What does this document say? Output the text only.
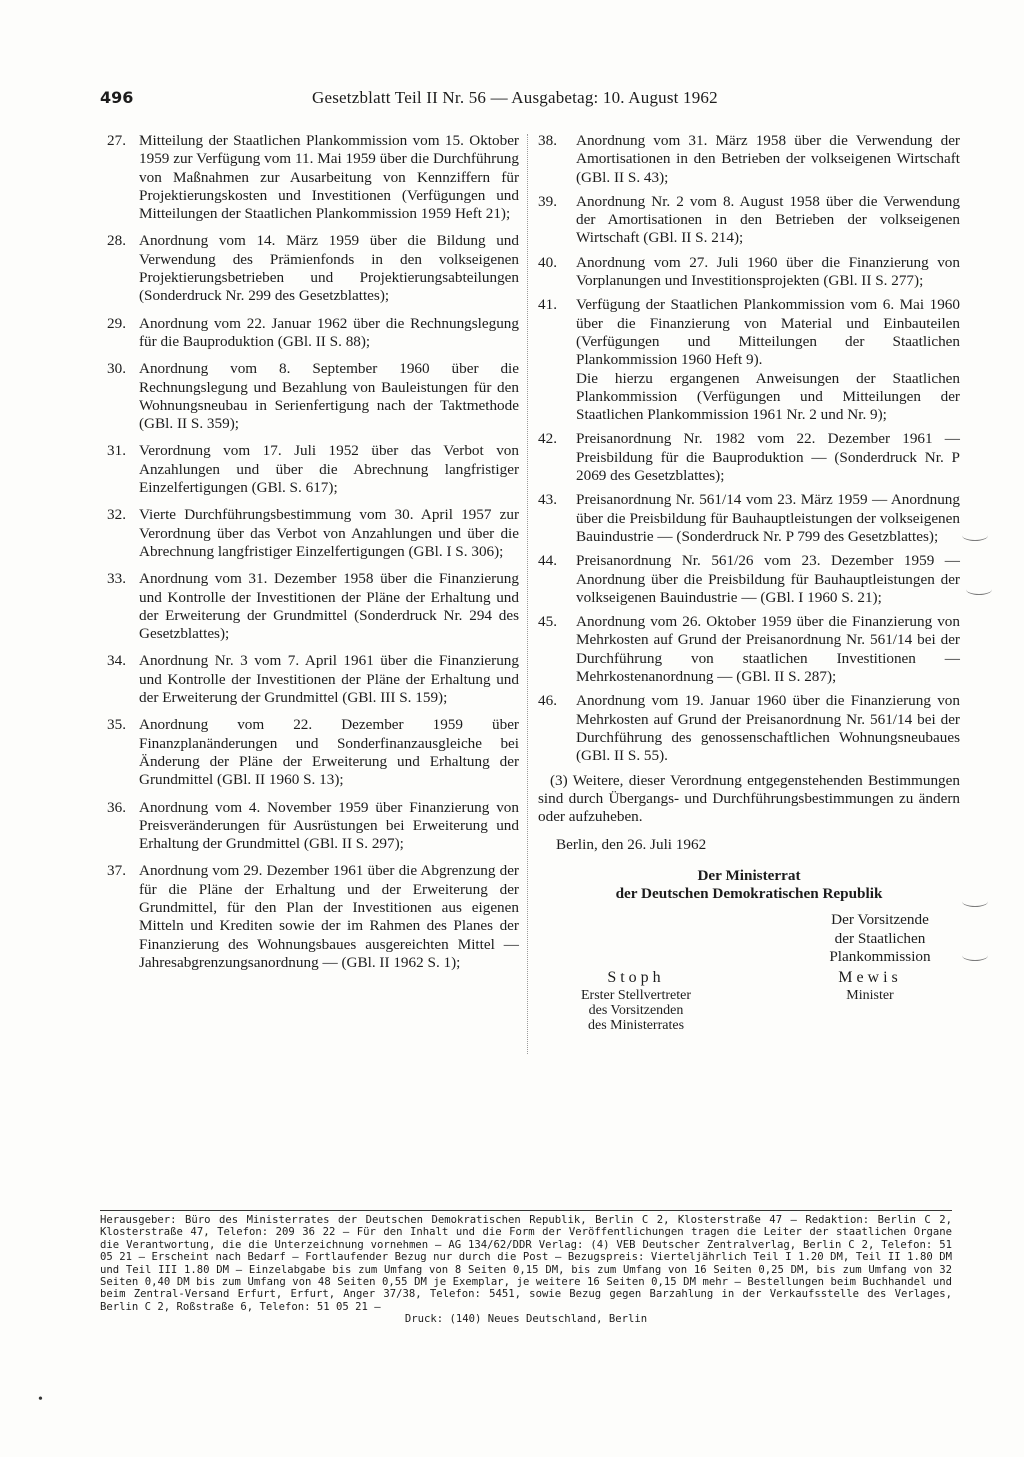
496	Gesetzblatt Teil II Nr. 56 — Ausgabetag: 10. August 1962
27. Mitteilung der Staatlichen Plankommission vom 15. Oktober 1959 zur Verfügung vom 11. Mai 1959 über die Durchführung von Maßnahmen zur Ausarbeitung von Kennziffern für Projektierungskosten und Investitionen (Verfügungen und Mitteilungen der Staatlichen Plankommission 1959 Heft 21);
28. Anordnung vom 14. März 1959 über die Bildung und Verwendung des Prämienfonds in den volkseigenen Projektierungsbetrieben und Projektierungsabteilungen (Sonderdruck Nr. 299 des Gesetzblattes);
29. Anordnung vom 22. Januar 1962 über die Rechnungslegung für die Bauproduktion (GBl. II S. 88);
30. Anordnung vom 8. September 1960 über die Rechnungslegung und Bezahlung von Bauleistungen für den Wohnungsneubau in Serienfertigung nach der Taktmethode (GBl. II S. 359);
31. Verordnung vom 17. Juli 1952 über das Verbot von Anzahlungen und über die Abrechnung langfristiger Einzelfertigungen (GBl. S. 617);
32. Vierte Durchführungsbestimmung vom 30. April 1957 zur Verordnung über das Verbot von Anzahlungen und über die Abrechnung langfristiger Einzelfertigungen (GBl. I S. 306);
33. Anordnung vom 31. Dezember 1958 über die Finanzierung und Kontrolle der Investitionen der Pläne der Erhaltung und der Erweiterung der Grundmittel (Sonderdruck Nr. 294 des Gesetzblattes);
34. Anordnung Nr. 3 vom 7. April 1961 über die Finanzierung und Kontrolle der Investitionen der Pläne der Erhaltung und der Erweiterung der Grundmittel (GBl. III S. 159);
35. Anordnung vom 22. Dezember 1959 über Finanzplanänderungen und Sonderfinanzausgleiche bei Änderung der Pläne der Erweiterung und Erhaltung der Grundmittel (GBl. II 1960 S. 13);
36. Anordnung vom 4. November 1959 über Finanzierung von Preisveränderungen für Ausrüstungen bei Erweiterung und Erhaltung der Grundmittel (GBl. II S. 297);
37. Anordnung vom 29. Dezember 1961 über die Abgrenzung der für die Pläne der Erhaltung und der Erweiterung der Grundmittel, für den Plan der Investitionen aus eigenen Mitteln und Krediten sowie der im Rahmen des Planes der Finanzierung des Wohnungsbaues ausgereichten Mittel — Jahresabgrenzungsanordnung — (GBl. II 1962 S. 1);
38.	Anordnung vom 31. März 1958 über die Verwendung der Amortisationen in den Betrieben der volkseigenen Wirtschaft (GBl. II S. 43);
39.	Anordnung Nr. 2 vom 8. August 1958 über die Verwendung der Amortisationen in den Betrieben der volkseigenen Wirtschaft (GBl. II S. 214);
40.	Anordnung vom 27. Juli 1960 über die Finanzierung von Vorplanungen und Investitionsprojekten (GBl. II S. 277);
41.	Verfügung der Staatlichen Plankommission vom 6. Mai 1960 über die Finanzierung von Material und Einbauteilen (Verfügungen und Mitteilungen der Staatlichen Plankommission 1960 Heft 9).
Die hierzu ergangenen Anweisungen der Staatlichen Plankommission (Verfügungen und Mitteilungen der Staatlichen Plankommission 1961 Nr. 2 und Nr. 9);
42.	Preisanordnung Nr. 1982 vom 22. Dezember 1961 — Preisbildung für die Bauproduktion — (Sonderdruck Nr. P 2069 des Gesetzblattes);
43.	Preisanordnung Nr. 561/14 vom 23. März 1959 — Anordnung über die Preisbildung für Bauhauptleistungen der volkseigenen Bauindustrie — (Sonderdruck Nr. P 799 des Gesetzblattes);
44.	Preisanordnung Nr. 561/26 vom 23. Dezember 1959 — Anordnung über die Preisbildung für Bauhauptleistungen der volkseigenen Bauindustrie — (GBl. I 1960 S. 21);
45.	Anordnung vom 26. Oktober 1959 über die Finanzierung von Mehrkosten auf Grund der Preisanordnung Nr. 561/14 bei der Durchführung von staatlichen Investitionen — Mehrkostenanordnung — (GBl. II S. 287);
46.	Anordnung vom 19. Januar 1960 über die Finanzierung von Mehrkosten auf Grund der Preisanordnung Nr. 561/14 bei der Durchführung des genossenschaftlichen Wohnungsneubaues (GBl. II S. 55).
(3) Weitere, dieser Verordnung entgegenstehenden Bestimmungen sind durch Übergangs- und Durchführungsbestimmungen zu ändern oder aufzuheben.
Berlin, den 26. Juli 1962
Der Ministerrat
der Deutschen Demokratischen Republik
Der Vorsitzende
der Staatlichen
Plankommission
Stoph
Erster Stellvertreter
des Vorsitzenden
des Ministerrates
Mewis
Minister
Herausgeber: Büro des Ministerrates der Deutschen Demokratischen Republik, Berlin C 2, Klosterstraße 47 — Redaktion: Berlin C 2, Klosterstraße 47, Telefon: 209 36 22 — Für den Inhalt und die Form der Veröffentlichungen tragen die Leiter der staatlichen Organe die Verantwortung, die die Unterzeichnung vornehmen — AG 134/62/DDR Verlag: (4) VEB Deutscher Zentralverlag, Berlin C 2, Telefon: 51 05 21 — Erscheint nach Bedarf — Fortlaufender Bezug nur durch die Post — Bezugspreis: Vierteljährlich Teil I 1.20 DM, Teil II 1.80 DM und Teil III 1.80 DM — Einzelabgabe bis zum Umfang von 8 Seiten 0,15 DM, bis zum Umfang von 16 Seiten 0,25 DM, bis zum Umfang von 32 Seiten 0,40 DM bis zum Umfang von 48 Seiten 0,55 DM je Exemplar, je weitere 16 Seiten 0,15 DM mehr — Bestellungen beim Buchhandel und beim Zentral-Versand Erfurt, Erfurt, Anger 37/38, Telefon: 5451, sowie Bezug gegen Barzahlung in der Verkaufsstelle des Verlages, Berlin C 2, Roßstraße 6, Telefon: 51 05 21 —
Druck: (140) Neues Deutschland, Berlin
•
